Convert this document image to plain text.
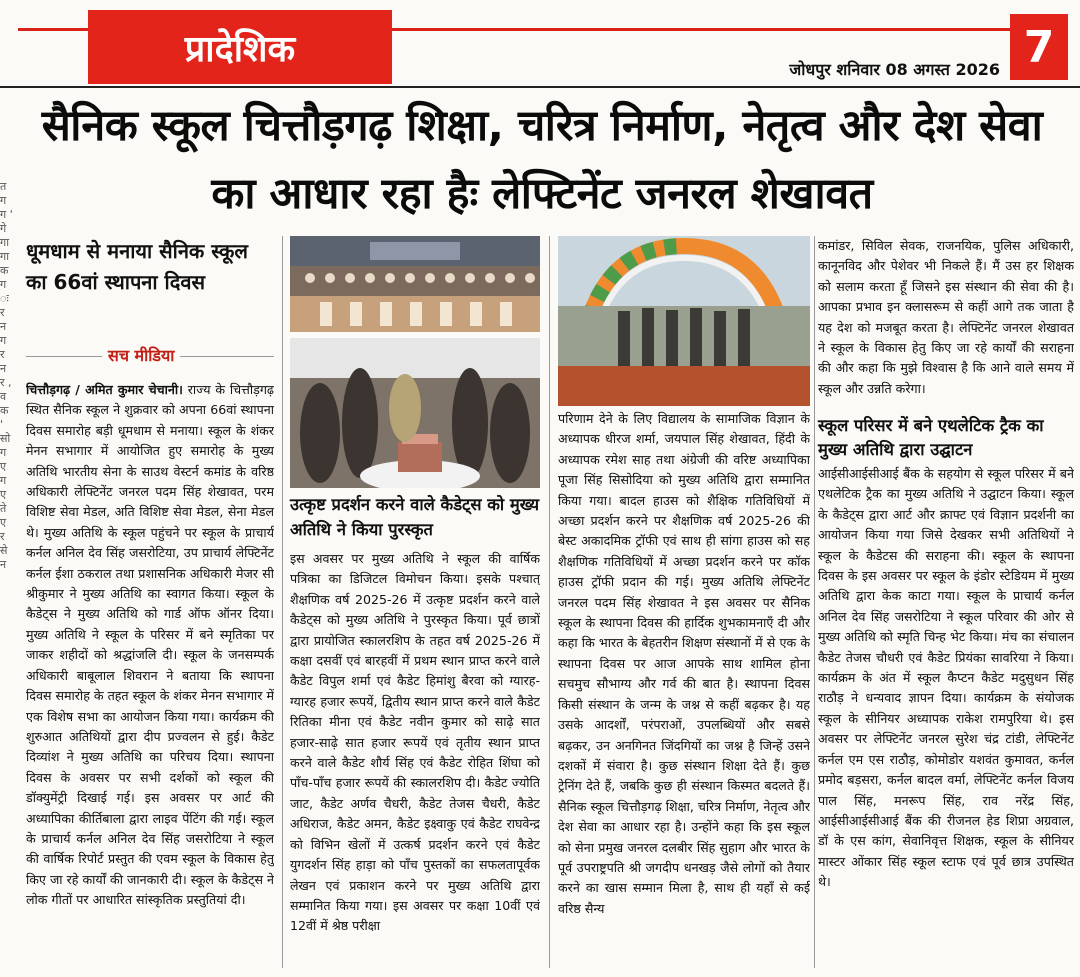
प्रादेशिक	जोधपुर शनिवार 08 अगस्त 2026 7
सैनिक स्कूल चित्तौड़गढ़ शिक्षा, चरित्र निर्माण, नेतृत्व और देश सेवा का आधार रहा हैः लेफ्टिनेंट जनरल शेखावत
त ग ग ' गे गा गा क ग ः र न ग र न र , व क ' सो ग ए ग ए ते ए र से न
धूमधाम से मनाया सैनिक स्कूल का 66वां स्थापना दिवस
सच मीडिया

चित्तौड़गढ़ / अमित कुमार चेचानी। राज्य के चित्तौड़गढ़ स्थित सैनिक स्कूल ने शुक्रवार को अपना 66वां स्थापना दिवस समारोह बड़ी धूमधाम से मनाया। स्कूल के शंकर मेनन सभागार में आयोजित हुए समारोह के मुख्य अतिथि भारतीय सेना के साउथ वेस्टर्न कमांड के वरिष्ठ अधिकारी लेफ्टिनेंट जनरल पदम सिंह शेखावत, परम विशिष्ट सेवा मेडल, अति विशिष्ट सेवा मेडल, सेना मेडल थे। मुख्य अतिथि के स्कूल पहुंचने पर स्कूल के प्राचार्य कर्नल अनिल देव सिंह जसरोटिया, उप प्राचार्य लेफ्टिनेंट कर्नल ईशा ठकराल तथा प्रशासनिक अधिकारी मेजर सी श्रीकुमार ने मुख्य अतिथि का स्वागत किया। स्कूल के कैडेट्स ने मुख्य अतिथि को गार्ड ऑफ ऑनर दिया। मुख्य अतिथि ने स्कूल के परिसर में बने स्मृतिका पर जाकर शहीदों को श्रद्धांजलि दी। स्कूल के जनसम्पर्क अधिकारी बाबूलाल शिवरान ने बताया कि स्थापना दिवस समारोह के तहत स्कूल के शंकर मेनन सभागार में एक विशेष सभा का आयोजन किया गया। कार्यक्रम की शुरुआत अतिथियों द्वारा दीप प्रज्वलन से हुई। कैडेट दिव्यांश ने मुख्य अतिथि का परिचय दिया। स्थापना दिवस के अवसर पर सभी दर्शकों को स्कूल की डॉक्युमेंट्री दिखाई गई। इस अवसर पर आर्ट की अध्यापिका कीर्तिबाला द्वारा लाइव पेंटिंग की गई। स्कूल के प्राचार्य कर्नल अनिल देव सिंह जसरोटिया ने स्कूल की वार्षिक रिपोर्ट प्रस्तुत की एवम स्कूल के विकास हेतु किए जा रहे कार्यों की जानकारी दी। स्कूल के कैडेट्स ने लोक गीतों पर आधारित सांस्कृतिक प्रस्तुतियां दी।

उत्कृष्ट प्रदर्शन करने वाले कैडेट्स को मुख्य अतिथि ने किया पुरस्कृत
इस अवसर पर मुख्य अतिथि ने स्कूल की वार्षिक पत्रिका का डिजिटल विमोचन किया। इसके पश्चात् शैक्षणिक वर्ष 2025-26 में उत्कृष्ट प्रदर्शन करने वाले कैडेट्स को मुख्य अतिथि ने पुरस्कृत किया। पूर्व छात्रों द्वारा प्रायोजित स्कालरशिप के तहत वर्ष 2025-26 में कक्षा दसवीं एवं बारहवीं में प्रथम स्थान प्राप्त करने वाले कैडेट विपुल शर्मा एवं कैडेट हिमांशु बैरवा को ग्यारह-ग्यारह हजार रूपयें, द्वितीय स्थान प्राप्त करने वाले कैडेट रितिका मीना एवं कैडेट नवीन कुमार को साढ़े सात हजार-साढ़े सात हजार रूपयें एवं तृतीय स्थान प्राप्त करने वाले कैडेट शौर्य सिंह एवं कैडेट रोहित शिंघा को पाँच-पाँच हजार रूपयें की स्कालरशिप दी। कैडेट ज्योति जाट, कैडेट अर्णव चैधरी, कैडेट तेजस चैधरी, कैडेट अधिराज, कैडेट अमन, कैडेट इक्ष्वाकु एवं कैडेट राघवेन्द्र को विभिन खेलों में उत्कर्ष प्रदर्शन करने एवं कैडेट युगदर्शन सिंह हाड़ा को पाँच पुस्तकों का सफलतापूर्वक लेखन एवं प्रकाशन करने पर मुख्य अतिथि द्वारा सम्मानित किया गया। इस अवसर पर कक्षा 10वीं एवं 12वीं में श्रेष्ठ परीक्षा
परिणाम देने के लिए विद्यालय के सामाजिक विज्ञान के अध्यापक धीरज शर्मा, जयपाल सिंह शेखावत, हिंदी के अध्यापक रमेश साह तथा अंग्रेजी की वरिष्ट अध्यापिका पूजा सिंह सिसोदिया को मुख्य अतिथि द्वारा सम्मानित किया गया। बादल हाउस को शैक्षिक गतिविधियों में अच्छा प्रदर्शन करने पर शैक्षणिक वर्ष 2025-26 की बेस्ट अकादमिक ट्रॉफी एवं साथ ही सांगा हाउस को सह शैक्षणिक गतिविधियों में अच्छा प्रदर्शन करने पर कॉक हाउस ट्रॉफी प्रदान की गई। मुख्य अतिथि लेफ्टिनेंट जनरल पदम सिंह शेखावत ने इस अवसर पर सैनिक स्कूल के स्थापना दिवस की हार्दिक शुभकामनाएँ दी और कहा कि भारत के बेहतरीन शिक्षण संस्थानों में से एक के स्थापना दिवस पर आज आपके साथ शामिल होना सचमुच सौभाग्य और गर्व की बात है। स्थापना दिवस किसी संस्थान के जन्म के जश्न से कहीं बढ़कर है। यह उसके आदर्शों, परंपराओं, उपलब्धियों और सबसे बढ़कर, उन अनगिनत जिंदगियों का जश्न है जिन्हें उसने दशकों में संवारा है। कुछ संस्थान शिक्षा देते हैं। कुछ ट्रेनिंग देते हैं, जबकि कुछ ही संस्थान किस्मत बदलते हैं। सैनिक स्कूल चित्तौड़गढ़ शिक्षा, चरित्र निर्माण, नेतृत्व और देश सेवा का आधार रहा है। उन्होंने कहा कि इस स्कूल को सेना प्रमुख जनरल दलबीर सिंह सुहाग और भारत के पूर्व उपराष्ट्रपति श्री जगदीप धनखड़ जैसे लोगों को तैयार करने का खास सम्मान मिला है, साथ ही यहाँ से कई वरिष्ठ सैन्य
कमांडर, सिविल सेवक, राजनयिक, पुलिस अधिकारी, कानूनविद और पेशेवर भी निकले हैं। मैं उस हर शिक्षक को सलाम करता हूँ जिसने इस संस्थान की सेवा की है। आपका प्रभाव इन क्लासरूम से कहीं आगे तक जाता है यह देश को मजबूत करता है। लेफ्टिनेंट जनरल शेखावत ने स्कूल के विकास हेतु किए जा रहे कार्यों की सराहना की और कहा कि मुझे विश्वास है कि आने वाले समय में स्कूल और उन्नति करेगा।
स्कूल परिसर में बने एथलेटिक ट्रैक का मुख्य अतिथि द्वारा उद्घाटन
आईसीआईसीआई बैंक के सहयोग से स्कूल परिसर में बने एथलेटिक ट्रैक का मुख्य अतिथि ने उद्घाटन किया। स्कूल के कैडेट्स द्वारा आर्ट और क्राफ्ट एवं विज्ञान प्रदर्शनी का आयोजन किया गया जिसे देखकर सभी अतिथियों ने स्कूल के कैडेटस की सराहना की। स्कूल के स्थापना दिवस के इस अवसर पर स्कूल के इंडोर स्टेडियम में मुख्य अतिथि द्वारा केक काटा गया। स्कूल के प्राचार्य कर्नल अनिल देव सिंह जसरोटिया ने स्कूल परिवार की ओर से मुख्य अतिथि को स्मृति चिन्ह भेट किया। मंच का संचालन कैडेट तेजस चौधरी एवं कैडेट प्रियंका सावरिया ने किया। कार्यक्रम के अंत में स्कूल कैप्टन कैडेट मदुसुधन सिंह राठौड़ ने धन्यवाद ज्ञापन दिया। कार्यक्रम के संयोजक स्कूल के सीनियर अध्यापक राकेश रामपुरिया थे। इस अवसर पर लेफ्टिनेंट जनरल सुरेश चंद्र टांडी, लेफ्टिनेंट कर्नल एम एस राठौड़, कोमोडोर यशवंत कुमावत, कर्नल प्रमोद बड़सरा, कर्नल बादल वर्मा, लेफ्टिनेंट कर्नल विजय पाल सिंह, मनरूप सिंह, राव नरेंद्र सिंह, आईसीआईसीआई बैंक की रीजनल हेड शिप्रा अग्रवाल, डॉ के एस कांग, सेवानिवृत्त शिक्षक, स्कूल के सीनियर मास्टर ओंकार सिंह स्कूल स्टाफ एवं पूर्व छात्र उपस्थित थे।
